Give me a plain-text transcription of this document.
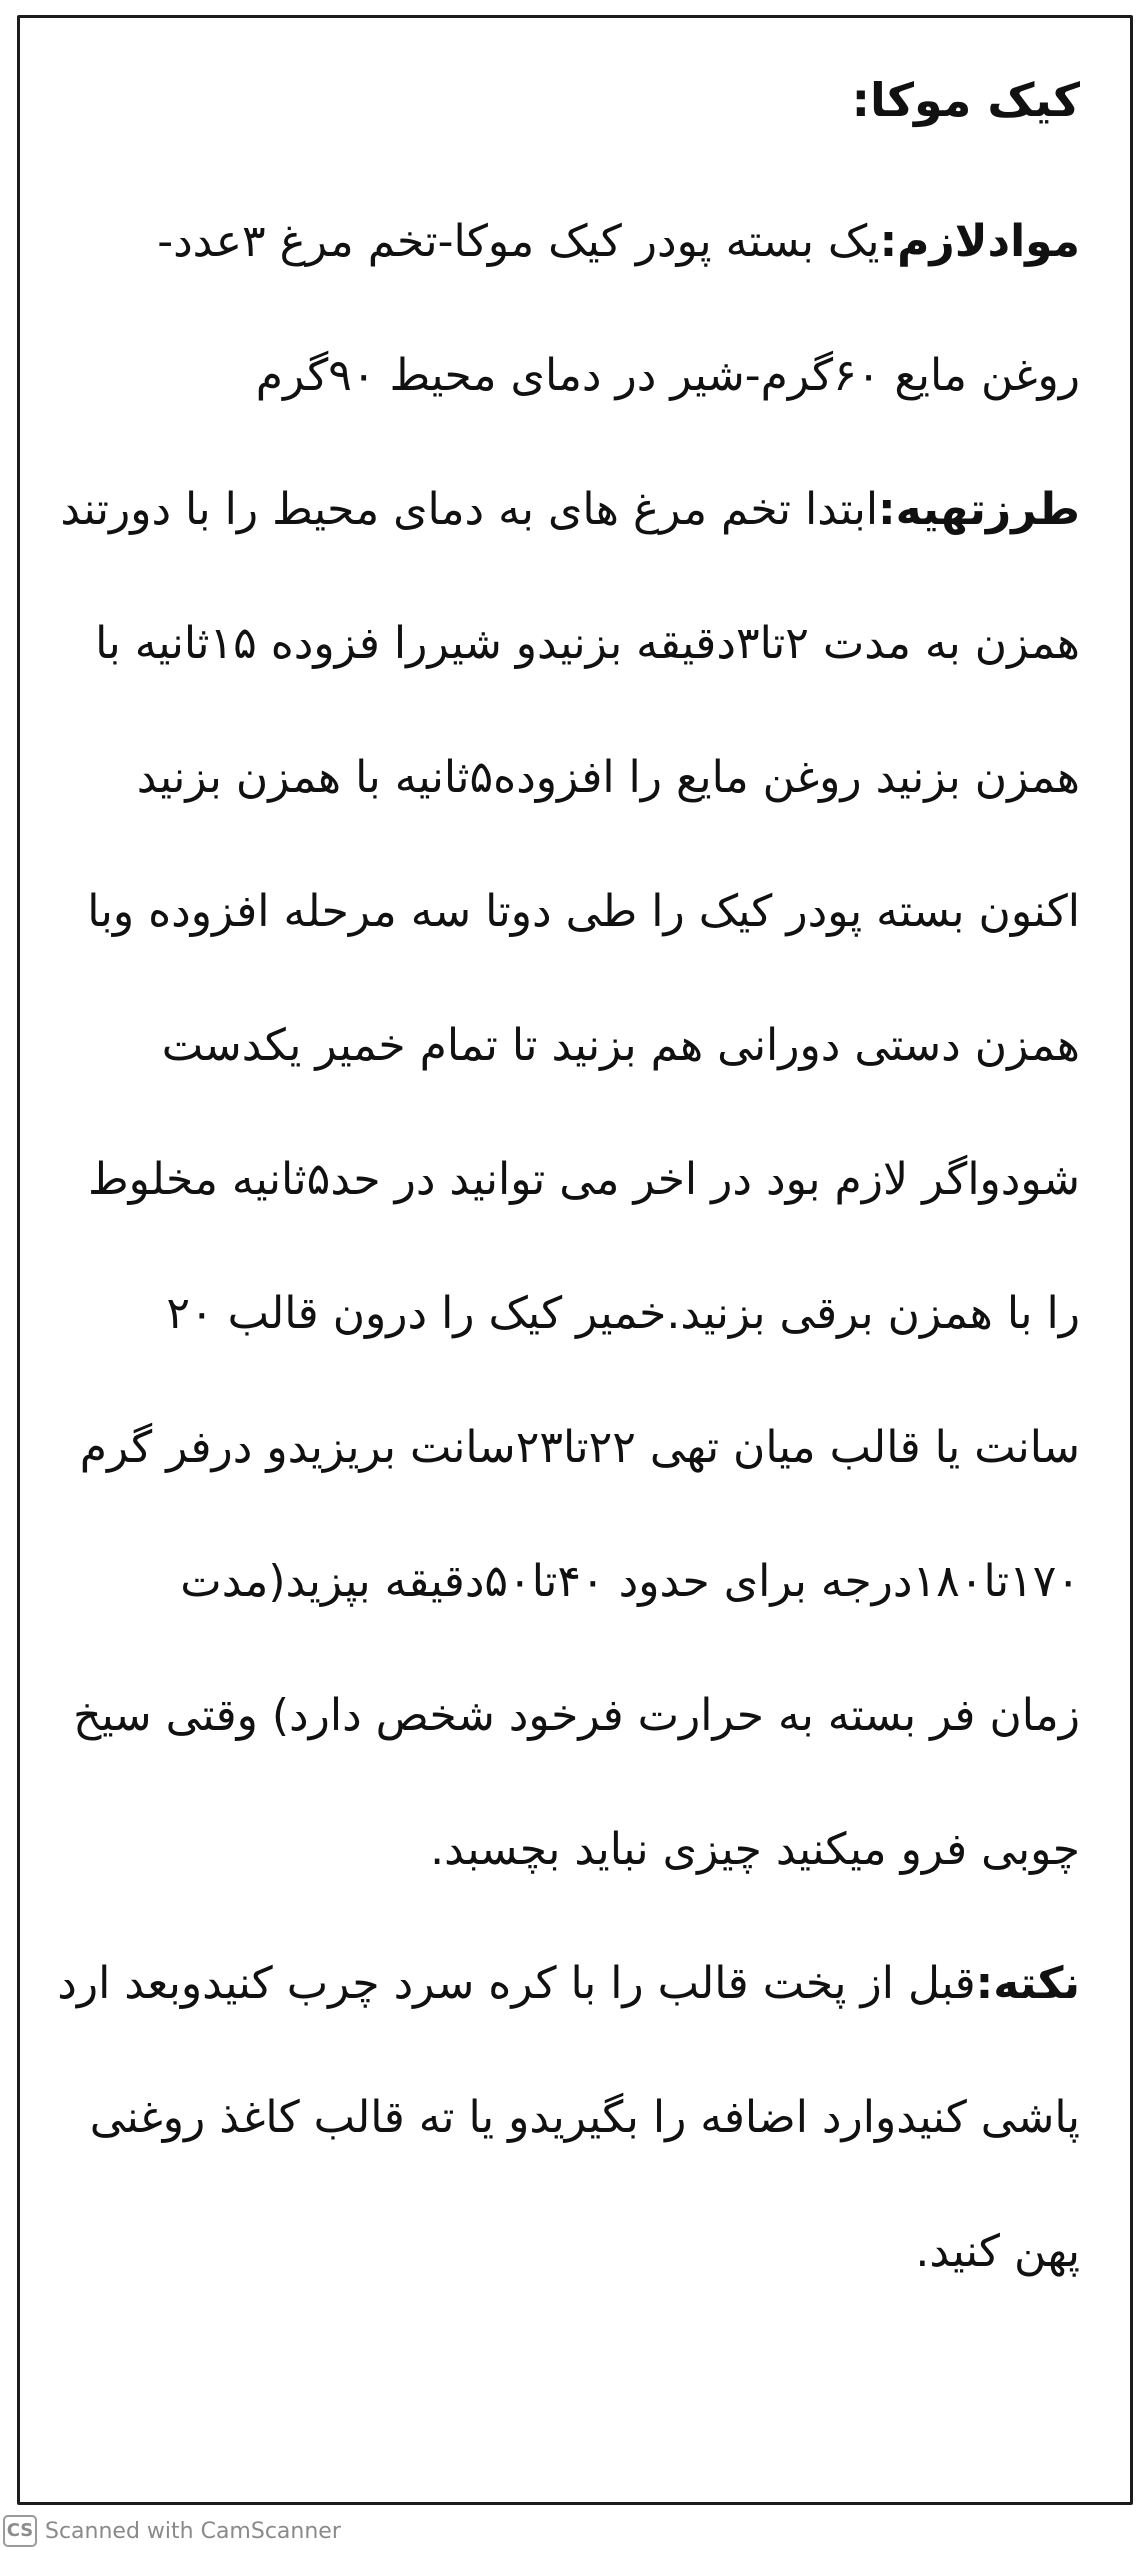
کیک موکا:
موادلازم:یک بسته پودر کیک موکا-تخم مرغ ۳عدد-
روغن مایع ۶۰گرم-شیر در دمای محیط ۹۰گرم
طرزتهیه:ابتدا تخم مرغ های به دمای محیط را با دورتند
همزن به مدت ۲تا۳دقیقه بزنیدو شیررا فزوده ۱۵ثانیه با
همزن بزنید روغن مایع را افزوده۵ثانیه با همزن بزنید
اکنون بسته پودر کیک را طی دوتا سه مرحله افزوده وبا
همزن دستی دورانی هم بزنید تا تمام خمیر یکدست
شودواگر لازم بود در اخر می توانید در حد۵ثانیه مخلوط
را با همزن برقی بزنید.خمیر کیک را درون قالب ۲۰
سانت یا قالب میان تهی ۲۲تا۲۳سانت بریزیدو درفر گرم
۱۷۰تا۱۸۰درجه برای حدود ۴۰تا۵۰دقیقه بپزید(مدت
زمان فر بسته به حرارت فرخود شخص دارد) وقتی سیخ
چوبی فرو میکنید چیزی نباید بچسبد.
نکته:قبل از پخت قالب را با کره سرد چرب کنیدوبعد ارد
پاشی کنیدوارد اضافه را بگیریدو یا ته قالب کاغذ روغنی
پهن کنید.
CS Scanned with CamScanner
